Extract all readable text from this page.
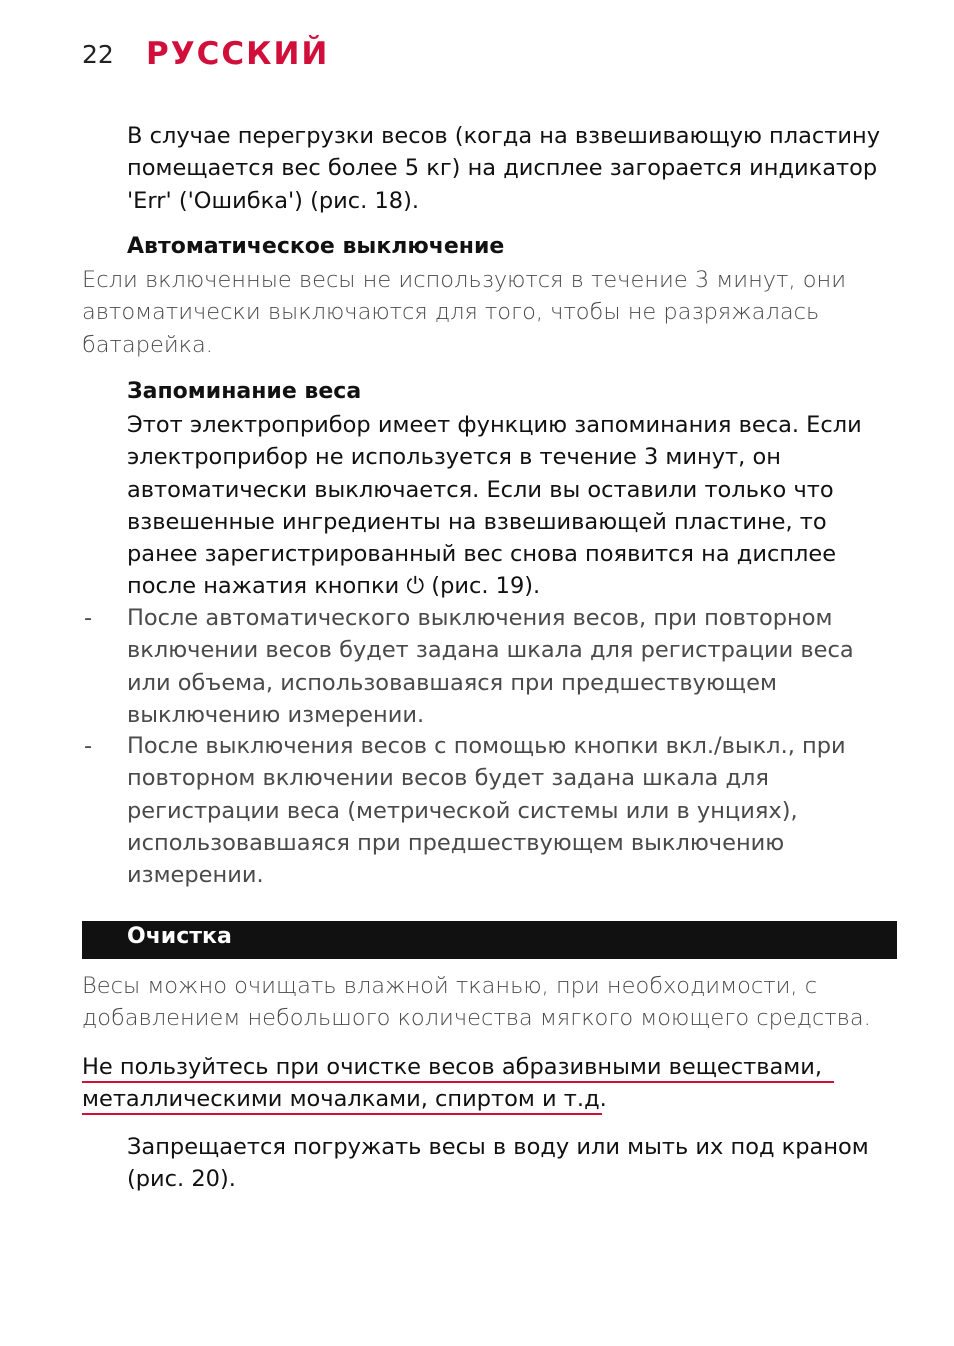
22 РУССКИЙ
В случае перегрузки весов (когда на взвешивающую пластину помещается вес более 5 кг) на дисплее загорается индикатор 'Err' ('Ошибка') (рис. 18).
Автоматическое выключение
Если включенные весы не используются в течение 3 минут, они автоматически выключаются для того, чтобы не разряжалась батарейка.
Запоминание веса
Этот электроприбор имеет функцию запоминания веса. Если электроприбор не используется в течение 3 минут, он автоматически выключается. Если вы оставили только что взвешенные ингредиенты на взвешивающей пластине, то ранее зарегистрированный вес снова появится на дисплее после нажатия кнопки ⏻ (рис. 19).
- После автоматического выключения весов, при повторном включении весов будет задана шкала для регистрации веса или объема, использовавшаяся при предшествующем выключению измерении.
- После выключения весов с помощью кнопки вкл./выкл., при повторном включении весов будет задана шкала для регистрации веса (метрической системы или в унциях), использовавшаяся при предшествующем выключению измерении.
Очистка
Весы можно очищать влажной тканью, при необходимости, с добавлением небольшого количества мягкого моющего средства.
Не пользуйтесь при очистке весов абразивными веществами,
металлическими мочалками, спиртом и т.д.
Запрещается погружать весы в воду или мыть их под краном (рис. 20).
